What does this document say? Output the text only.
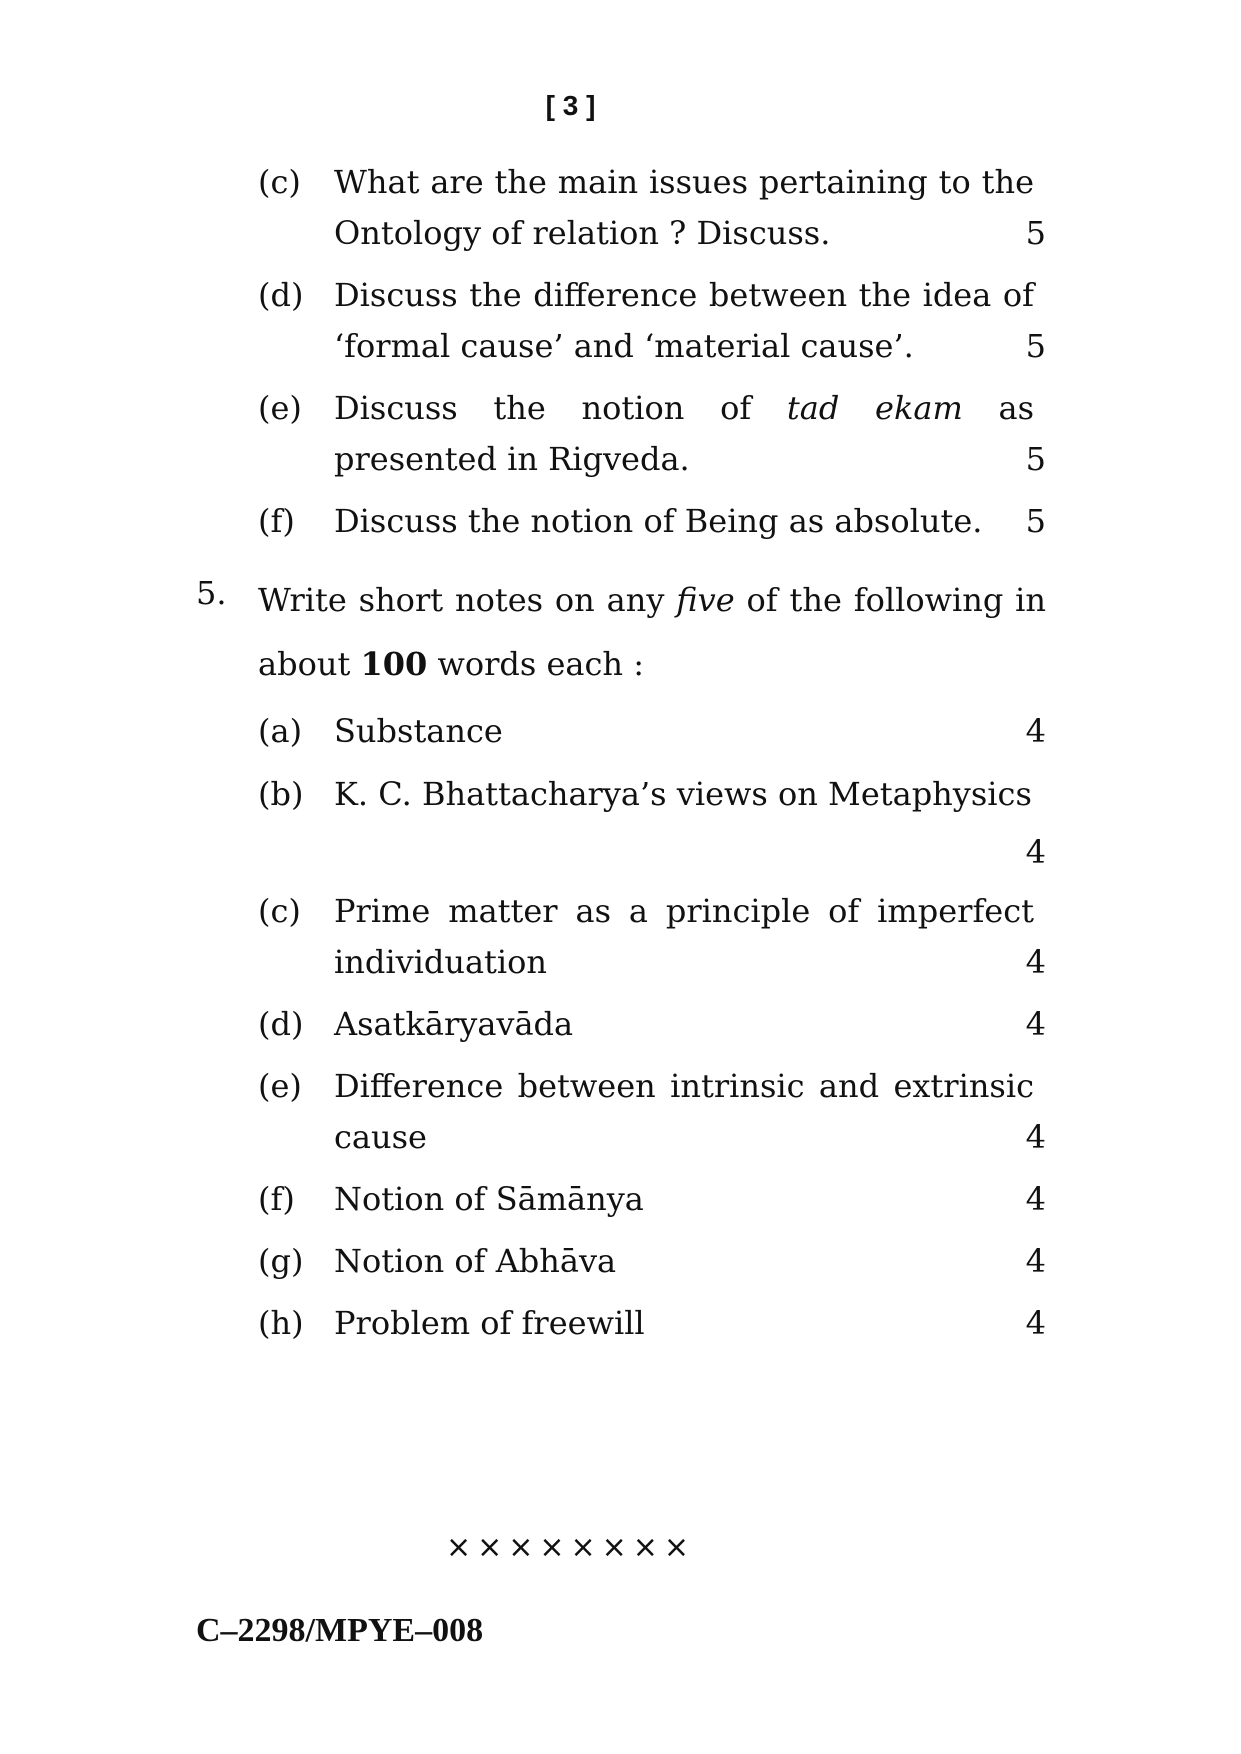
[ 3 ]
(c) What are the main issues pertaining to the
Ontology of relation ? Discuss.	5
(d) Discuss the difference between the idea of
‘formal cause’ and ‘material cause’.	5
(e) Discuss the notion of tad ekam as
presented in Rigveda.	5
(f) Discuss the notion of Being as absolute.	5
5. Write short notes on any five of the following in
about 100 words each :
(a) Substance	4
(b) K. C. Bhattacharya’s views on Metaphysics
4
(c) Prime matter as a principle of imperfect
individuation	4
(d) Asatkāryavāda	4
(e) Difference between intrinsic and extrinsic
cause	4
(f) Notion of Sāmānya	4
(g) Notion of Abhāva	4
(h) Problem of freewill	4
××××××××
C–2298/MPYE–008
